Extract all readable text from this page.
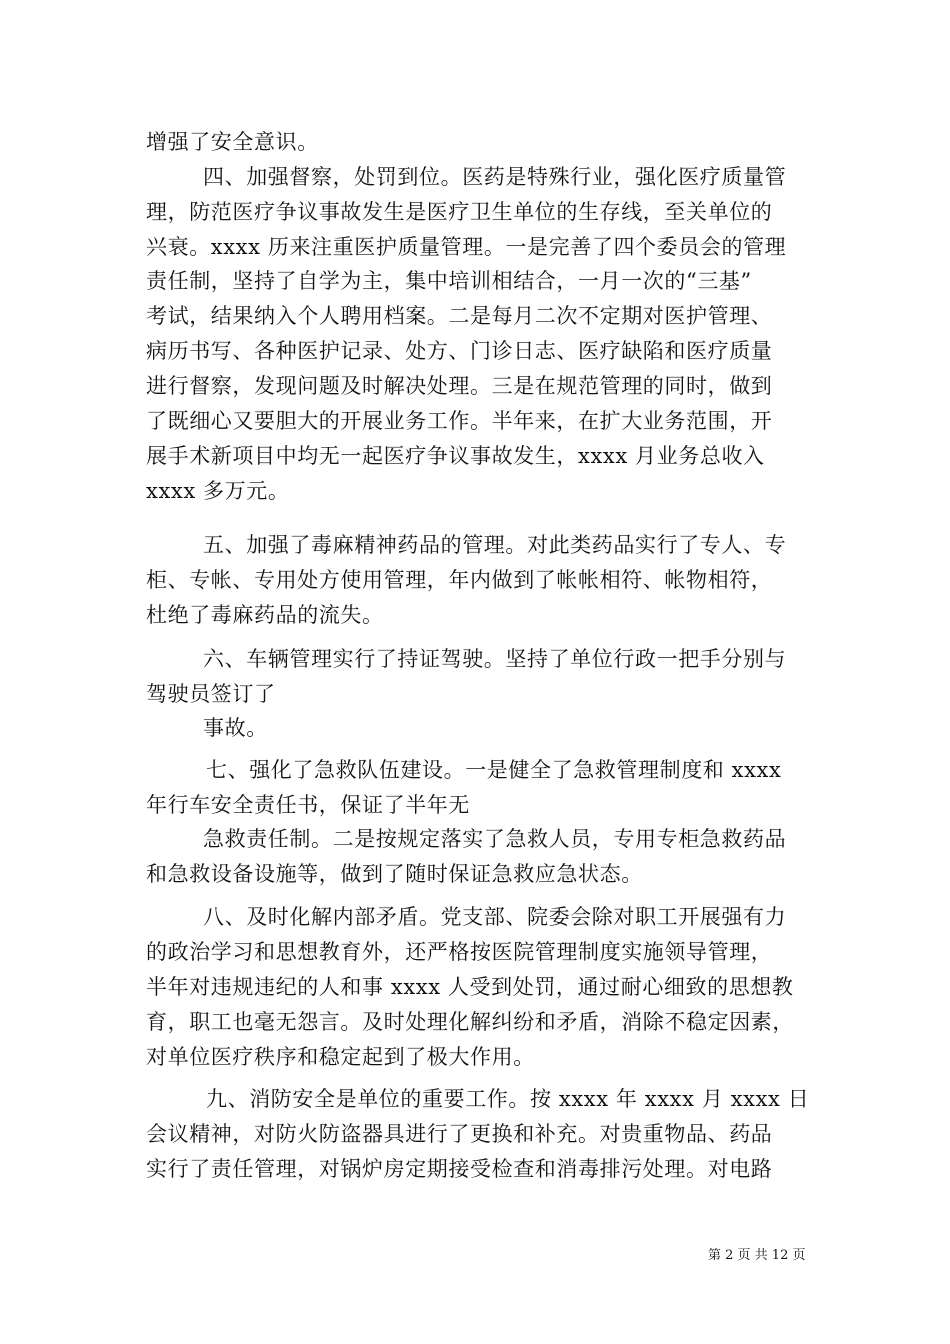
增强了安全意识。
四、加强督察，处罚到位。医药是特殊行业，强化医疗质量管
理，防范医疗争议事故发生是医疗卫生单位的生存线，至关单位的
兴衰。xxxx 历来注重医护质量管理。一是完善了四个委员会的管理
责任制，坚持了自学为主，集中培训相结合，一月一次的“三基”
考试，结果纳入个人聘用档案。二是每月二次不定期对医护管理、
病历书写、各种医护记录、处方、门诊日志、医疗缺陷和医疗质量
进行督察，发现问题及时解决处理。三是在规范管理的同时，做到
了既细心又要胆大的开展业务工作。半年来，在扩大业务范围，开
展手术新项目中均无一起医疗争议事故发生，xxxx 月业务总收入
xxxx 多万元。
五、加强了毒麻精神药品的管理。对此类药品实行了专人、专
柜、专帐、专用处方使用管理，年内做到了帐帐相符、帐物相符，
杜绝了毒麻药品的流失。
六、车辆管理实行了持证驾驶。坚持了单位行政一把手分别与
驾驶员签订了
事故。
七、强化了急救队伍建设。一是健全了急救管理制度和 xxxx
年行车安全责任书，保证了半年无
急救责任制。二是按规定落实了急救人员，专用专柜急救药品
和急救设备设施等，做到了随时保证急救应急状态。
八、及时化解内部矛盾。党支部、院委会除对职工开展强有力
的政治学习和思想教育外，还严格按医院管理制度实施领导管理，
半年对违规违纪的人和事 xxxx 人受到处罚，通过耐心细致的思想教
育，职工也毫无怨言。及时处理化解纠纷和矛盾，消除不稳定因素，
对单位医疗秩序和稳定起到了极大作用。
九、消防安全是单位的重要工作。按 xxxx 年 xxxx 月 xxxx 日
会议精神，对防火防盗器具进行了更换和补充。对贵重物品、药品
实行了责任管理，对锅炉房定期接受检查和消毒排污处理。对电路
第 2 页 共 12 页
